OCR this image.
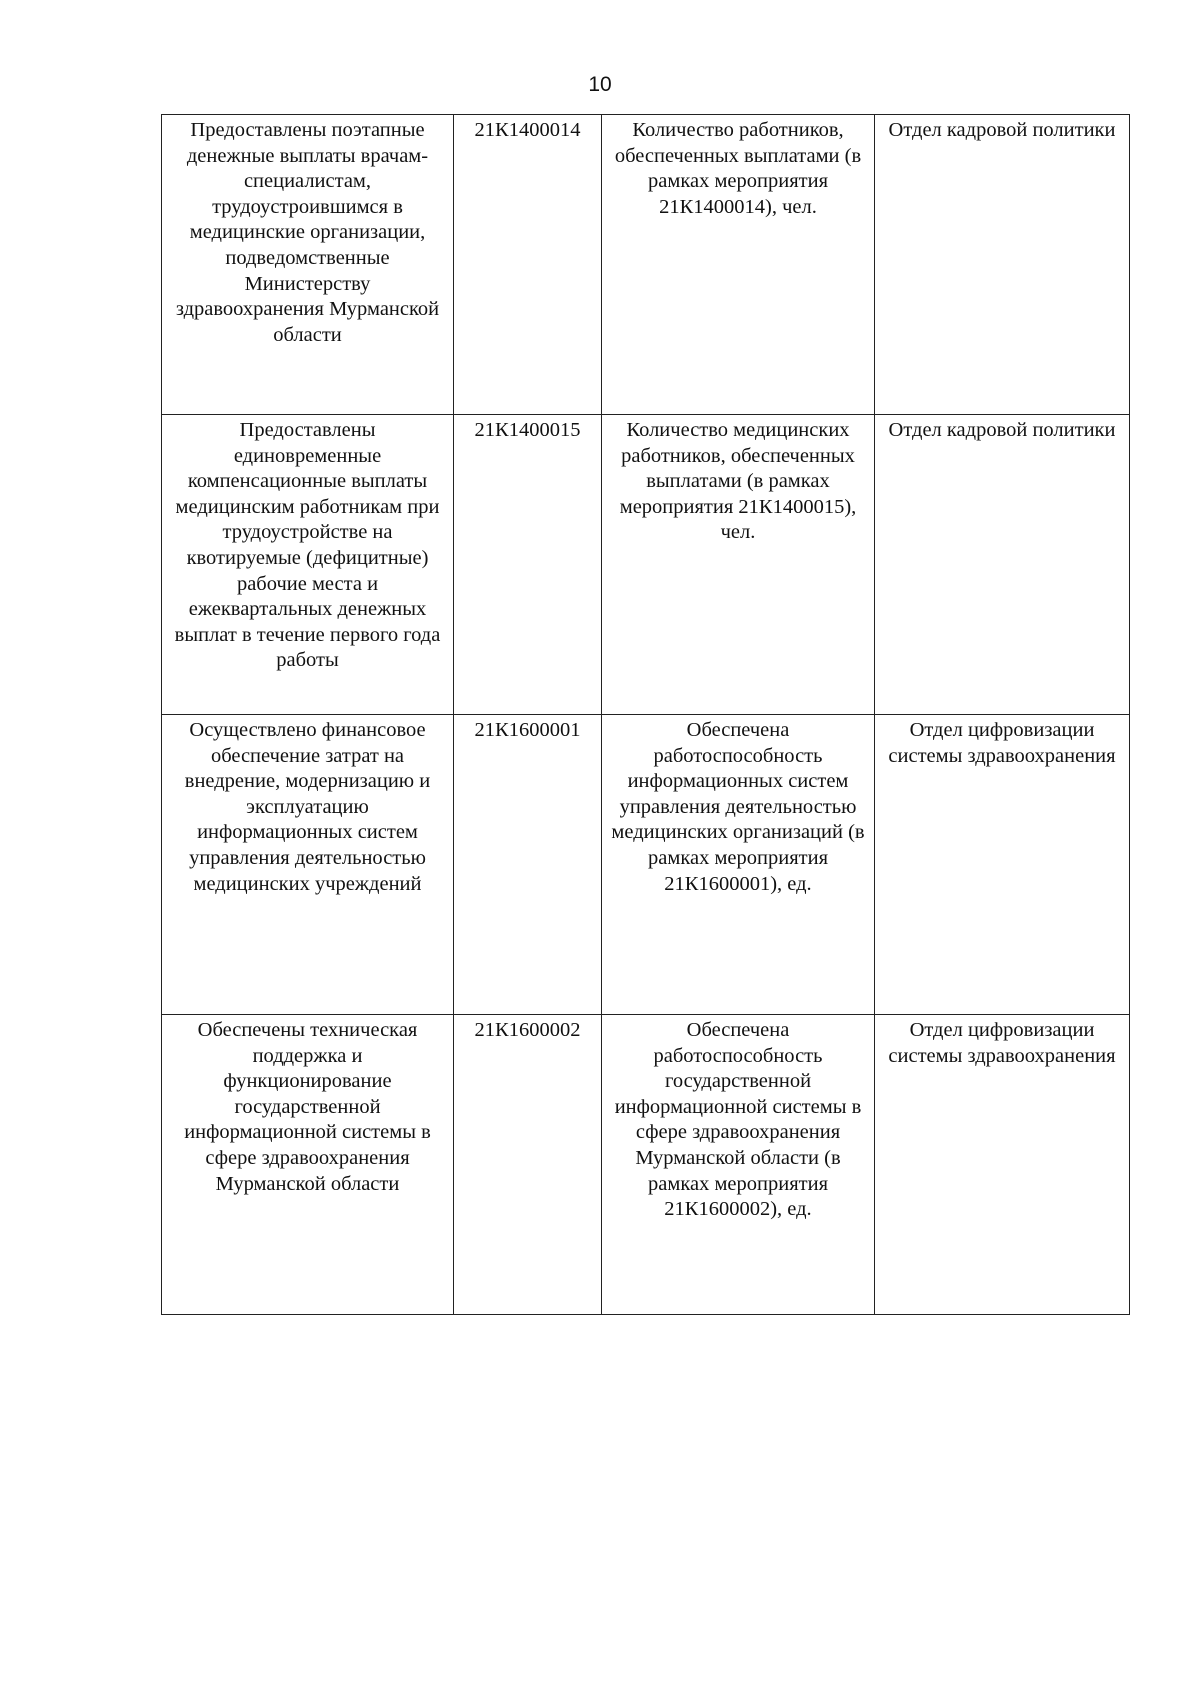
10
Предоставлены поэтапные денежные выплаты врачам-специалистам, трудоустроившимся в медицинские организации, подведомственные Министерству здравоохранения Мурманской области	21К1400014	Количество работников, обеспеченных выплатами (в рамках мероприятия 21К1400014), чел.	Отдел кадровой политики

Предоставлены единовременные компенсационные выплаты медицинским работникам при трудоустройстве на квотируемые (дефицитные) рабочие места и ежеквартальных денежных выплат в течение первого года работы	21К1400015	Количество медицинских работников, обеспеченных выплатами (в рамках мероприятия 21К1400015), чел.	Отдел кадровой политики

Осуществлено финансовое обеспечение затрат на внедрение, модернизацию и эксплуатацию информационных систем управления деятельностью медицинских учреждений	21К1600001	Обеспечена работоспособность информационных систем управления деятельностью медицинских организаций (в рамках мероприятия 21К1600001), ед.	Отдел цифровизации системы здравоохранения

Обеспечены техническая поддержка и функционирование государственной информационной системы в сфере здравоохранения Мурманской области	21К1600002	Обеспечена работоспособность государственной информационной системы в сфере здравоохранения Мурманской области (в рамках мероприятия 21К1600002), ед.	Отдел цифровизации системы здравоохранения
